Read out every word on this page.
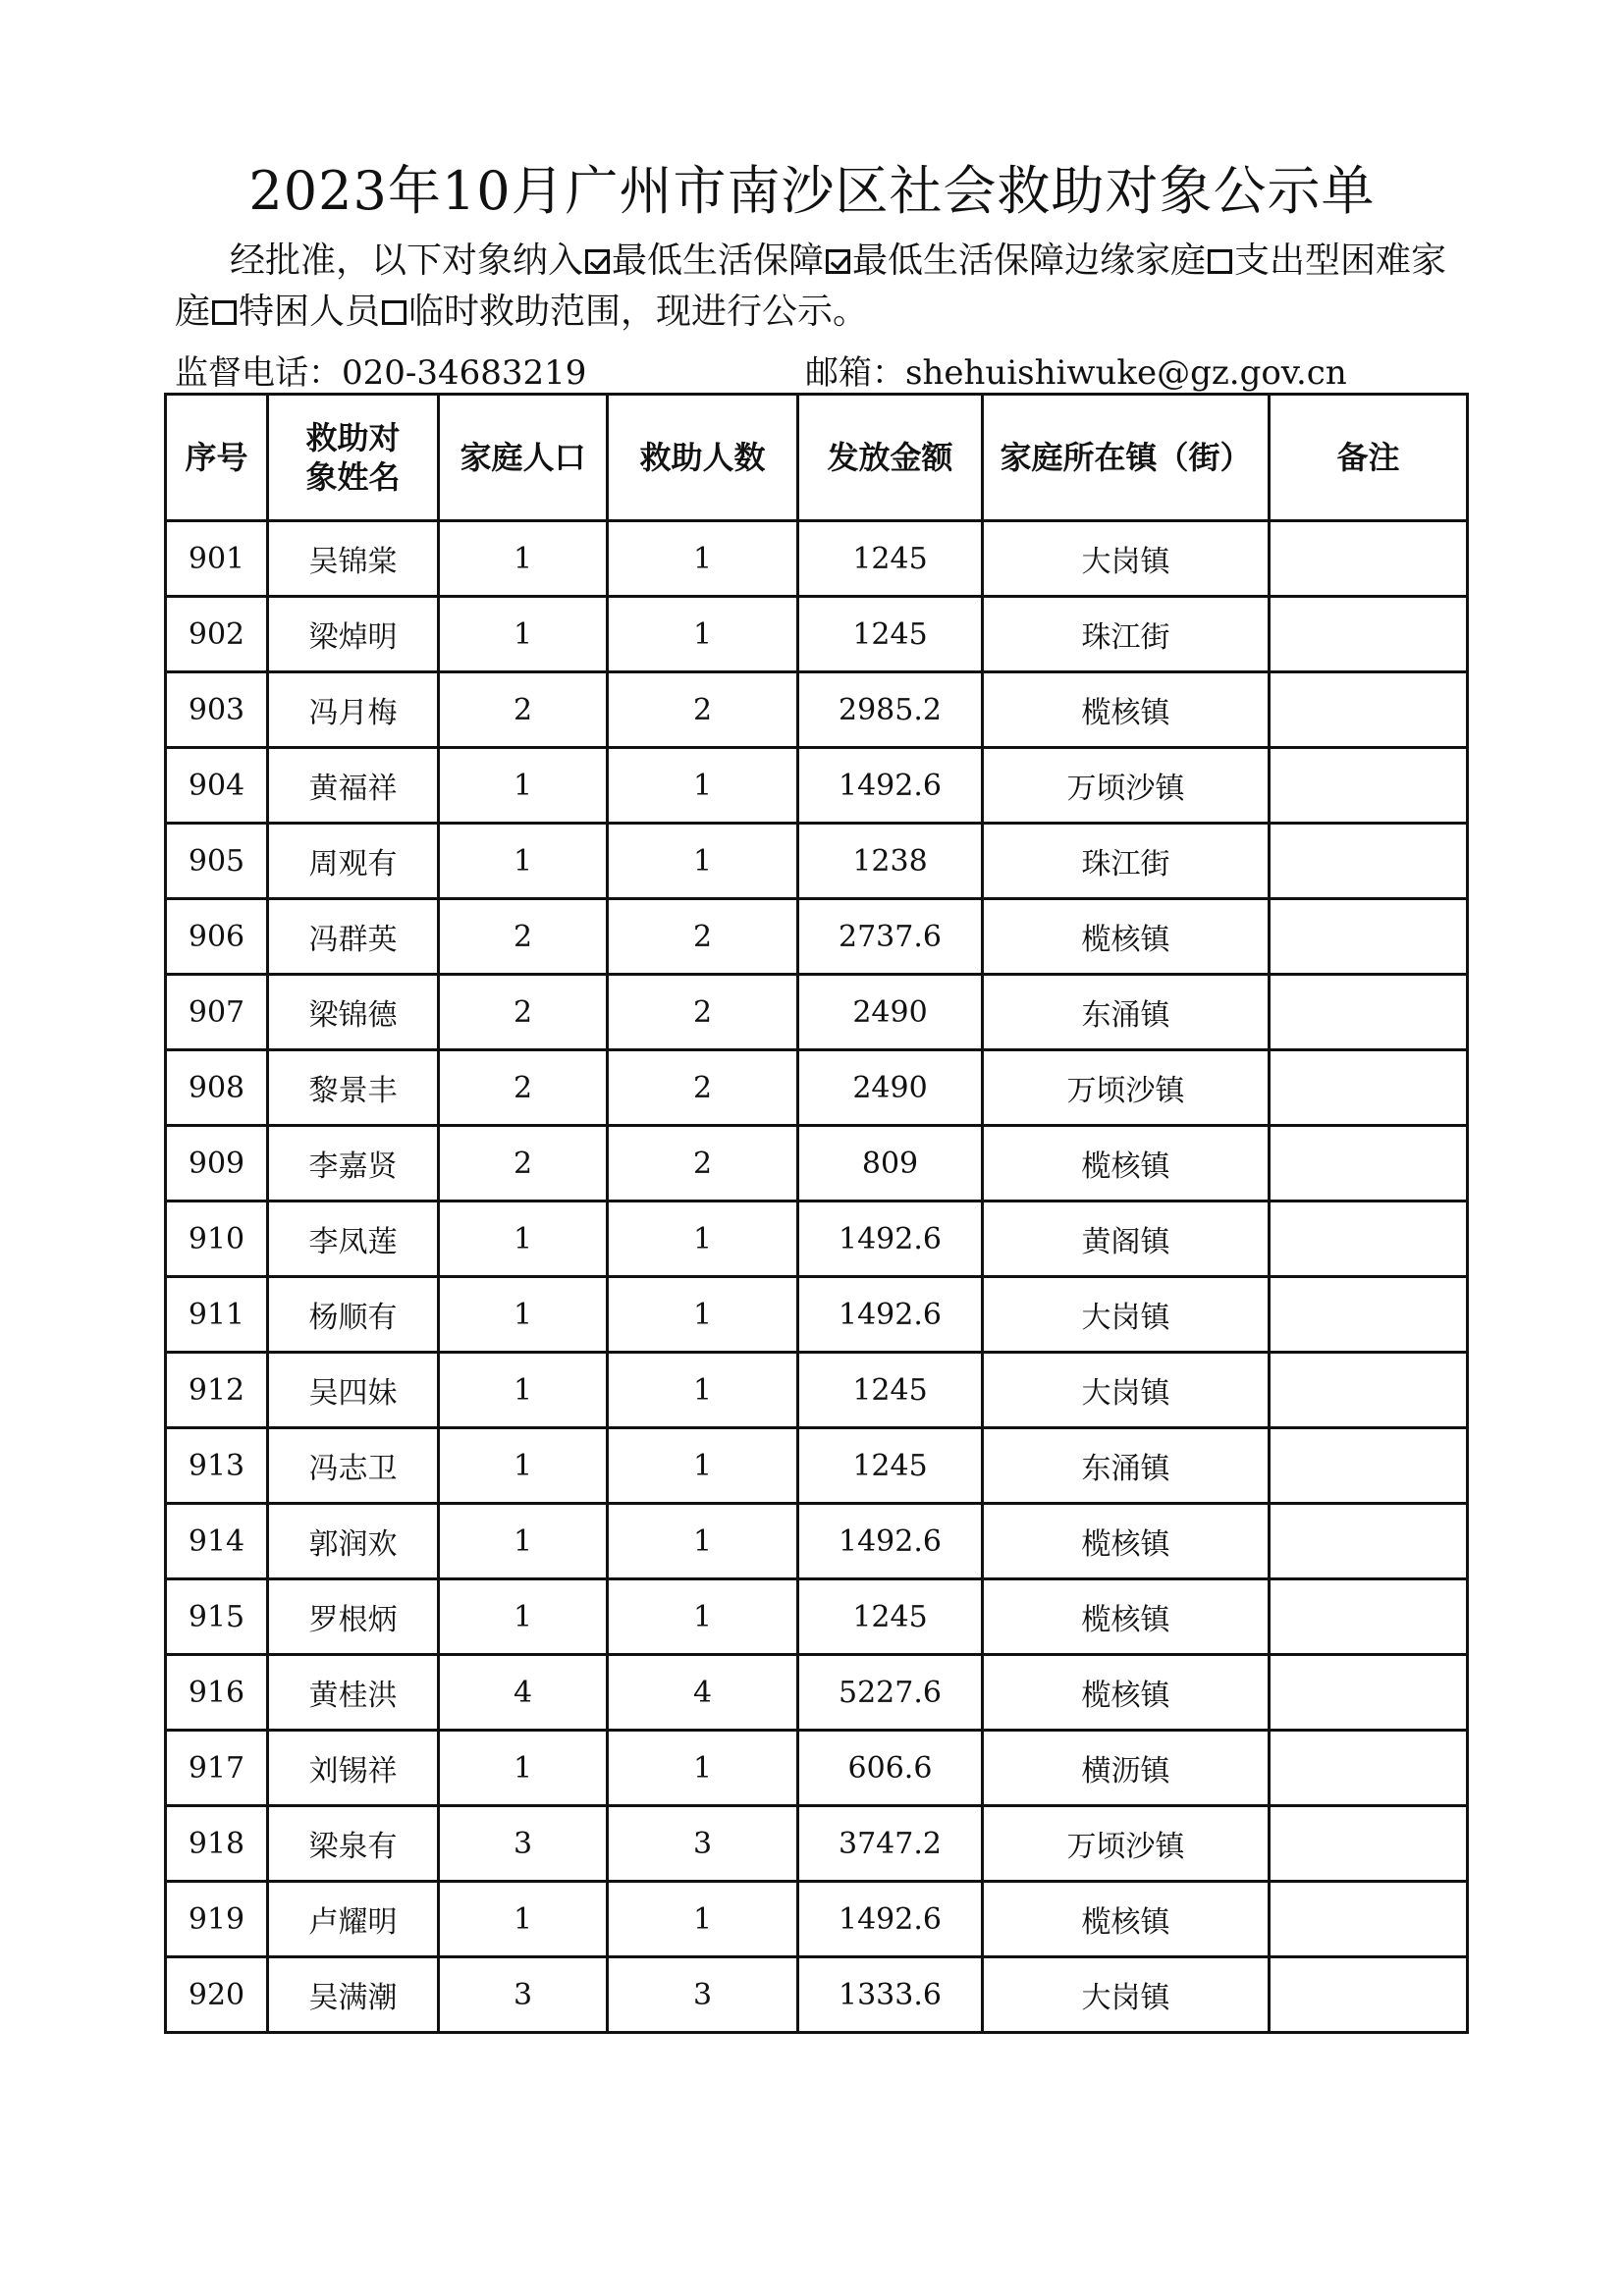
2023年10月广州市南沙区社会救助对象公示单
经批准，以下对象纳入 最低生活保障 最低生活保障边缘家庭 支出型困难家庭 特困人员 临时救助范围，现进行公示。
监督电话：020-34683219	邮箱：shehuishiwuke@gz.gov.cn
序号	救助对象姓名	家庭人口	救助人数	发放金额	家庭所在镇（街）	备注
901	吴锦棠	1	1	1245	大岗镇	
902	梁焯明	1	1	1245	珠江街	
903	冯月梅	2	2	2985.2	榄核镇	
904	黄福祥	1	1	1492.6	万顷沙镇	
905	周观有	1	1	1238	珠江街	
906	冯群英	2	2	2737.6	榄核镇	
907	梁锦德	2	2	2490	东涌镇	
908	黎景丰	2	2	2490	万顷沙镇	
909	李嘉贤	2	2	809	榄核镇	
910	李凤莲	1	1	1492.6	黄阁镇	
911	杨顺有	1	1	1492.6	大岗镇	
912	吴四妹	1	1	1245	大岗镇	
913	冯志卫	1	1	1245	东涌镇	
914	郭润欢	1	1	1492.6	榄核镇	
915	罗根炳	1	1	1245	榄核镇	
916	黄桂洪	4	4	5227.6	榄核镇	
917	刘锡祥	1	1	606.6	横沥镇	
918	梁泉有	3	3	3747.2	万顷沙镇	
919	卢耀明	1	1	1492.6	榄核镇	
920	吴满潮	3	3	1333.6	大岗镇	
